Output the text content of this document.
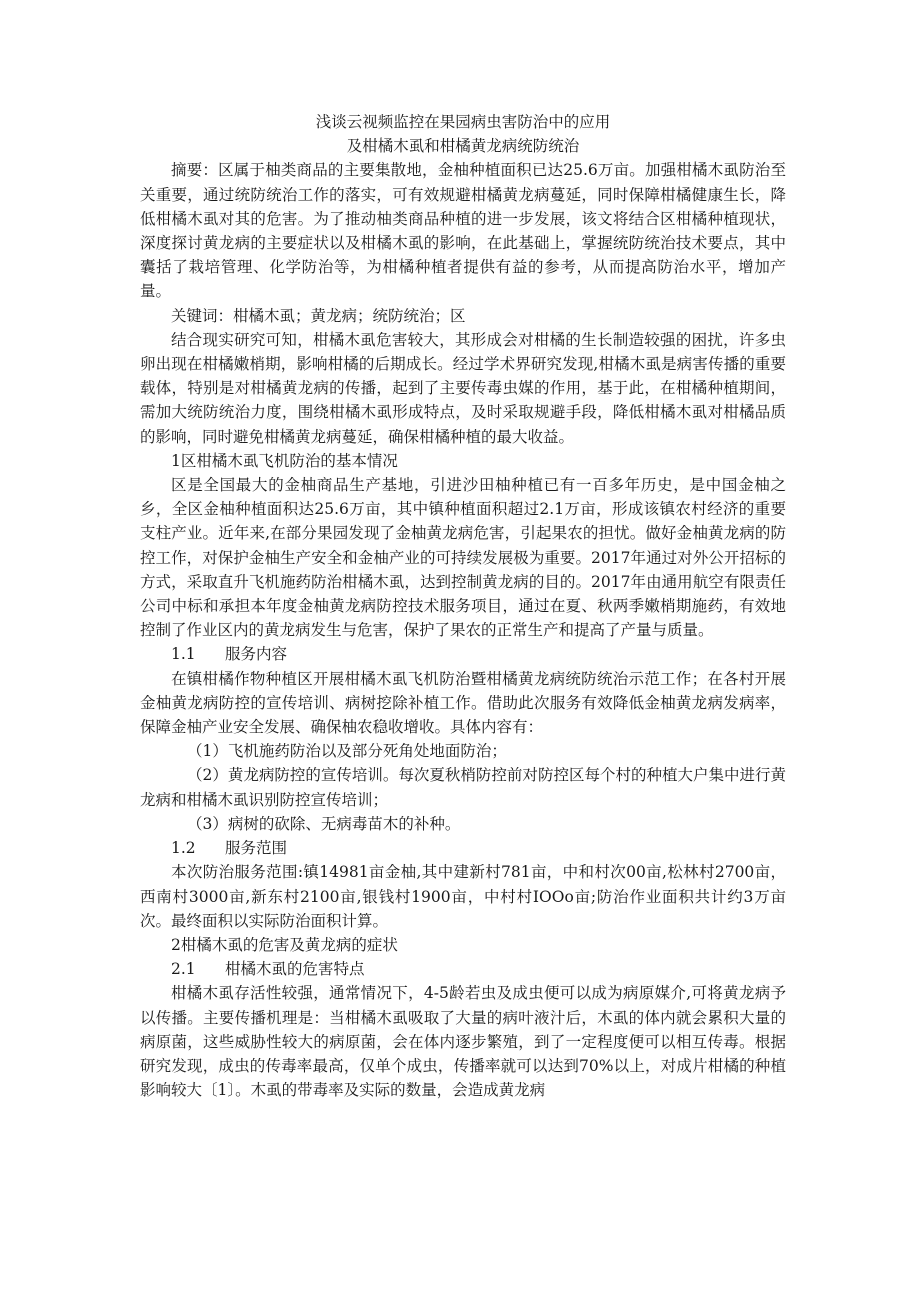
浅谈云视频监控在果园病虫害防治中的应用

及柑橘木虱和柑橘黄龙病统防统治

摘要：区属于柚类商品的主要集散地，金柚种植面积已达25.6万亩。加强柑橘木虱防治至关重要，通过统防统治工作的落实，可有效规避柑橘黄龙病蔓延，同时保障柑橘健康生长，降低柑橘木虱对其的危害。为了推动柚类商品种植的进一步发展，该文将结合区柑橘种植现状，深度探讨黄龙病的主要症状以及柑橘木虱的影响，在此基础上，掌握统防统治技术要点，其中囊括了栽培管理、化学防治等，为柑橘种植者提供有益的参考，从而提高防治水平，增加产量。

关键词：柑橘木虱；黄龙病；统防统治；区

结合现实研究可知，柑橘木虱危害较大，其形成会对柑橘的生长制造较强的困扰，许多虫卵出现在柑橘嫩梢期，影响柑橘的后期成长。经过学术界研究发现,柑橘木虱是病害传播的重要载体，特别是对柑橘黄龙病的传播，起到了主要传毒虫媒的作用，基于此，在柑橘种植期间，需加大统防统治力度，围绕柑橘木虱形成特点，及时采取规避手段，降低柑橘木虱对柑橘品质的影响，同时避免柑橘黄龙病蔓延，确保柑橘种植的最大收益。

1区柑橘木虱飞机防治的基本情况

区是全国最大的金柚商品生产基地，引进沙田柚种植已有一百多年历史，是中国金柚之乡，全区金柚种植面积达25.6万亩，其中镇种植面积超过2.1万亩，形成该镇农村经济的重要支柱产业。近年来,在部分果园发现了金柚黄龙病危害，引起果农的担忧。做好金柚黄龙病的防控工作，对保护金柚生产安全和金柚产业的可持续发展极为重要。2017年通过对外公开招标的方式，采取直升飞机施药防治柑橘木虱，达到控制黄龙病的目的。2017年由通用航空有限责任公司中标和承担本年度金柚黄龙病防控技术服务项目，通过在夏、秋两季嫩梢期施药，有效地控制了作业区内的黄龙病发生与危害，保护了果农的正常生产和提高了产量与质量。

1.1 服务内容

在镇柑橘作物种植区开展柑橘木虱飞机防治暨柑橘黄龙病统防统治示范工作；在各村开展金柚黄龙病防控的宣传培训、病树挖除补植工作。借助此次服务有效降低金柚黄龙病发病率，保障金柚产业安全发展、确保柚农稳收增收。具体内容有：

（1）飞机施药防治以及部分死角处地面防治；

（2）黄龙病防控的宣传培训。每次夏秋梢防控前对防控区每个村的种植大户集中进行黄龙病和柑橘木虱识别防控宣传培训；

（3）病树的砍除、无病毒苗木的补种。

1.2 服务范围

本次防治服务范围:镇14981亩金柚,其中建新村781亩，中和村次00亩,松林村2700亩，西南村3000亩,新东村2100亩,银钱村1900亩，中村村IOOo亩;防治作业面积共计约3万亩次。最终面积以实际防治面积计算。

2柑橘木虱的危害及黄龙病的症状

2.1 柑橘木虱的危害特点

柑橘木虱存活性较强，通常情况下，4-5龄若虫及成虫便可以成为病原媒介,可将黄龙病予以传播。主要传播机理是：当柑橘木虱吸取了大量的病叶液汁后，木虱的体内就会累积大量的病原菌，这些威胁性较大的病原菌，会在体内逐步繁殖，到了一定程度便可以相互传毒。根据研究发现，成虫的传毒率最高，仅单个成虫，传播率就可以达到70%以上，对成片柑橘的种植影响较大〔1〕。木虱的带毒率及实际的数量，会造成黄龙病
